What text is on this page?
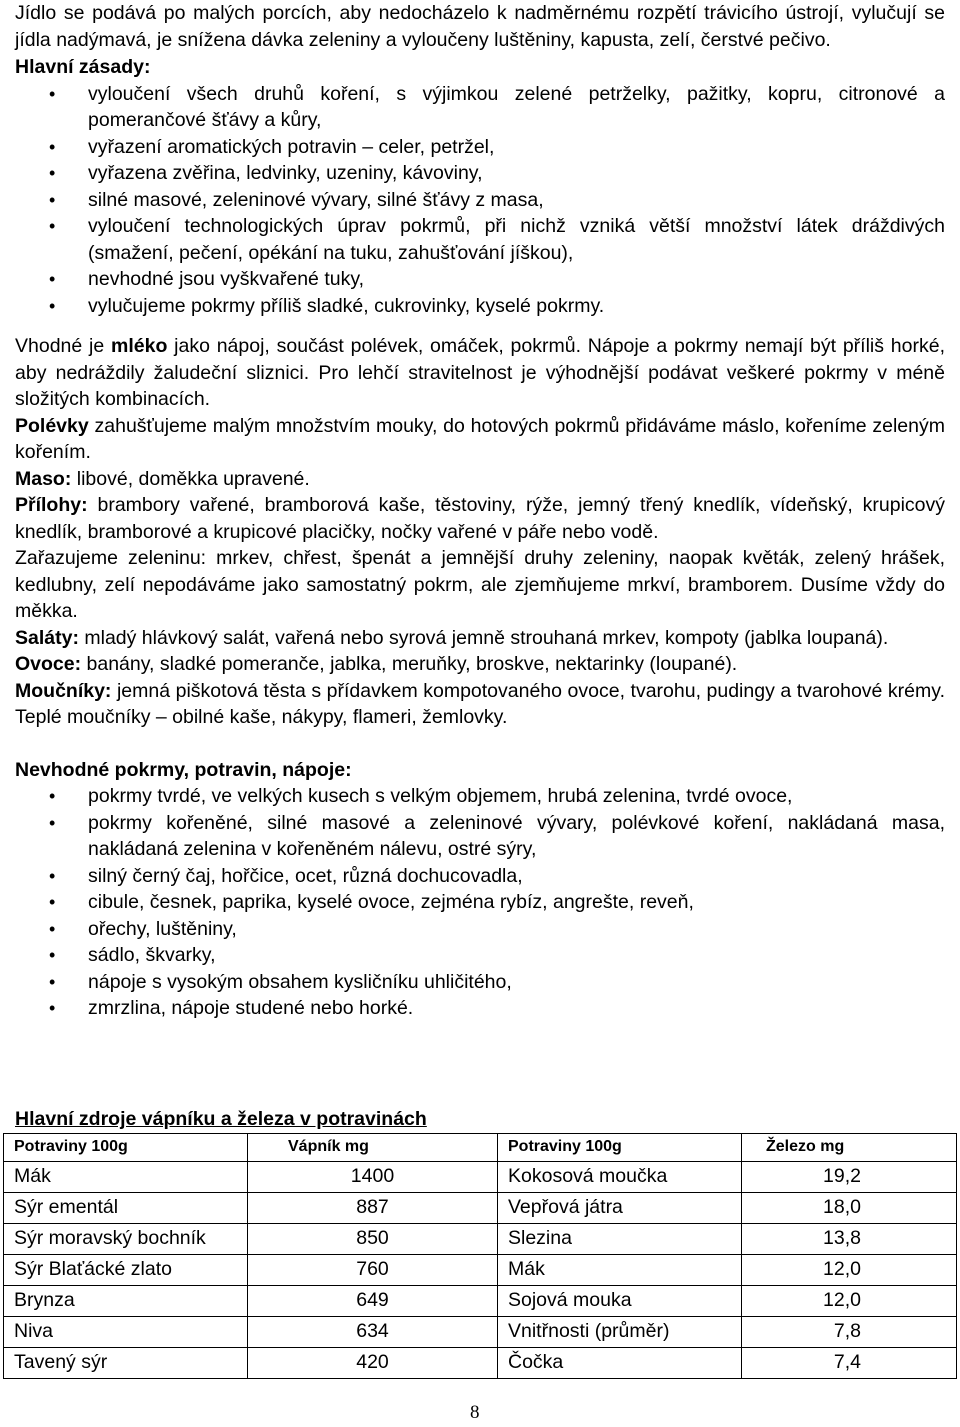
Jídlo se podává po malých porcích, aby nedocházelo k nadměrnému rozpětí trávicího ústrojí, vylučují se jídla nadýmavá, je snížena dávka zeleniny a vyloučeny luštěniny, kapusta, zelí, čerstvé pečivo.

Hlavní zásady:

• vyloučení všech druhů koření, s výjimkou zelené petrželky, pažitky, kopru, citronové a pomerančové šťávy a kůry,
• vyřazení aromatických potravin – celer, petržel,
• vyřazena zvěřina, ledvinky, uzeniny, kávoviny,
• silné masové, zeleninové vývary, silné šťávy z masa,
• vyloučení technologických úprav pokrmů, při nichž vzniká větší množství látek dráždivých (smažení, pečení, opékání na tuku, zahušťování jíškou),
• nevhodné jsou vyškvařené tuky,
• vylučujeme pokrmy příliš sladké, cukrovinky, kyselé pokrmy.

Vhodné je mléko jako nápoj, součást polévek, omáček, pokrmů. Nápoje a pokrmy nemají být příliš horké, aby nedráždily žaludeční sliznici. Pro lehčí stravitelnost je výhodnější podávat veškeré pokrmy v méně složitých kombinacích.

Polévky zahušťujeme malým množstvím mouky, do hotových pokrmů přidáváme máslo, kořeníme zeleným kořením.

Maso: libové, doměkka upravené.

Přílohy: brambory vařené, bramborová kaše, těstoviny, rýže, jemný třený knedlík, vídeňský, krupicový knedlík, bramborové a krupicové placičky, nočky vařené v páře nebo vodě.

Zařazujeme zeleninu: mrkev, chřest, špenát a jemnější druhy zeleniny, naopak květák, zelený hrášek, kedlubny, zelí nepodáváme jako samostatný pokrm, ale zjemňujeme mrkví, bramborem. Dusíme vždy do měkka.

Saláty: mladý hlávkový salát, vařená nebo syrová jemně strouhaná mrkev, kompoty (jablka loupaná).

Ovoce: banány, sladké pomeranče, jablka, meruňky, broskve, nektarinky (loupané).

Moučníky: jemná piškotová těsta s přídavkem kompotovaného ovoce, tvarohu, pudingy a tvarohové krémy. Teplé moučníky – obilné kaše, nákypy, flameri, žemlovky.

Nevhodné pokrmy, potravin, nápoje:

• pokrmy tvrdé, ve velkých kusech s velkým objemem, hrubá zelenina, tvrdé ovoce,
• pokrmy kořeněné, silné masové a zeleninové vývary, polévkové koření, nakládaná masa, nakládaná zelenina v kořeněném nálevu, ostré sýry,
• silný černý čaj, hořčice, ocet, různá dochucovadla,
• cibule, česnek, paprika, kyselé ovoce, zejména rybíz, angrešte, reveň,
• ořechy, luštěniny,
• sádlo, škvarky,
• nápoje s vysokým obsahem kysličníku uhličitého,
• zmrzlina, nápoje studené nebo horké.
Hlavní zdroje vápníku a železa v potravinách
Potraviny 100g	Vápník mg	Potraviny 100g	Železo mg
Mák	1400	Kokosová moučka	19,2
Sýr ementál	887	Vepřová játra	18,0
Sýr moravský bochník	850	Slezina	13,8
Sýr Blaťácké zlato	760	Mák	12,0
Brynza	649	Sojová mouka	12,0
Niva	634	Vnitřnosti (průměr)	7,8
Tavený sýr	420	Čočka	7,4
8
